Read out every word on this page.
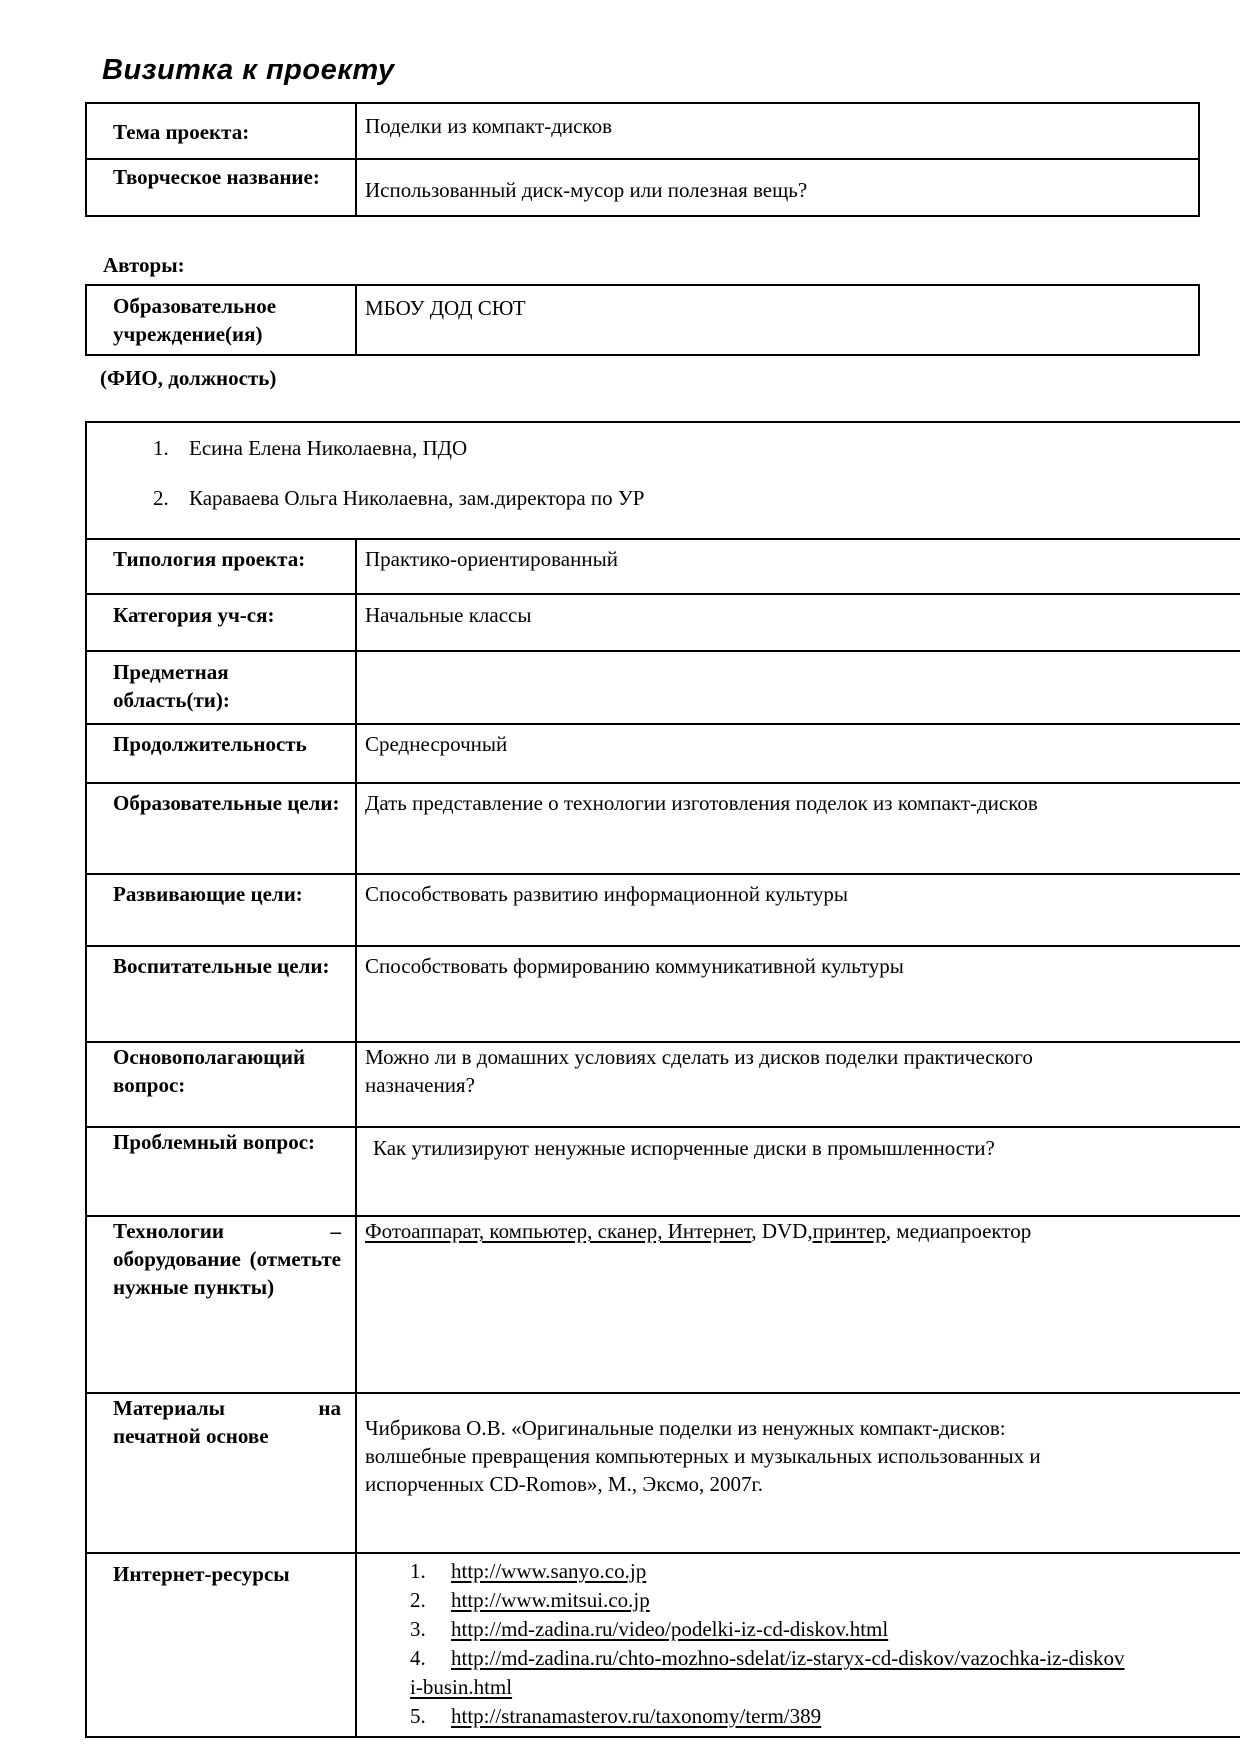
Визитка к проекту
Тема проекта:	Поделки из компакт-дисков
Творческое название:	Использованный диск-мусор или полезная вещь?
Авторы:
Образовательное учреждение(ия)	МБОУ ДОД СЮТ
(ФИО, должность)
1. Есина Елена Николаевна, ПДО
2. Караваева Ольга Николаевна, зам.директора по УР

Типология проекта:	Практико-ориентированный
Категория уч-ся:	Начальные классы
Предметная область(ти):	
Продолжительность	Среднесрочный
Образовательные цели:	Дать представление о технологии изготовления поделок из компакт-дисков
Развивающие цели:	Способствовать развитию информационной культуры
Воспитательные цели:	Способствовать формированию коммуникативной культуры
Основополагающий вопрос:	Можно ли в домашних условиях сделать из дисков поделки практического
назначения?

Проблемный вопрос:	Как утилизируют ненужные испорченные диски в промышленности?
Технологии – оборудование (отметьте нужные пункты)	Фотоаппарат, компьютер, сканер, Интернет, DVD,принтер, медиапроектор
Материалы на печатной основе	Чибрикова О.В. «Оригинальные поделки из ненужных компакт-дисков:
волшебные превращения компьютерных и музыкальных использованных и
испорченных CD-Romов», М., Эксмо, 2007г.

Интернет-ресурсы	1. http://www.sanyo.co.jp
2. http://www.mitsui.co.jp
3. http://md-zadina.ru/video/podelki-iz-cd-diskov.html
4. http://md-zadina.ru/chto-mozhno-sdelat/iz-staryx-cd-diskov/vazochka-iz-diskov
i-busin.html
5. http://stranamasterov.ru/taxonomy/term/389
